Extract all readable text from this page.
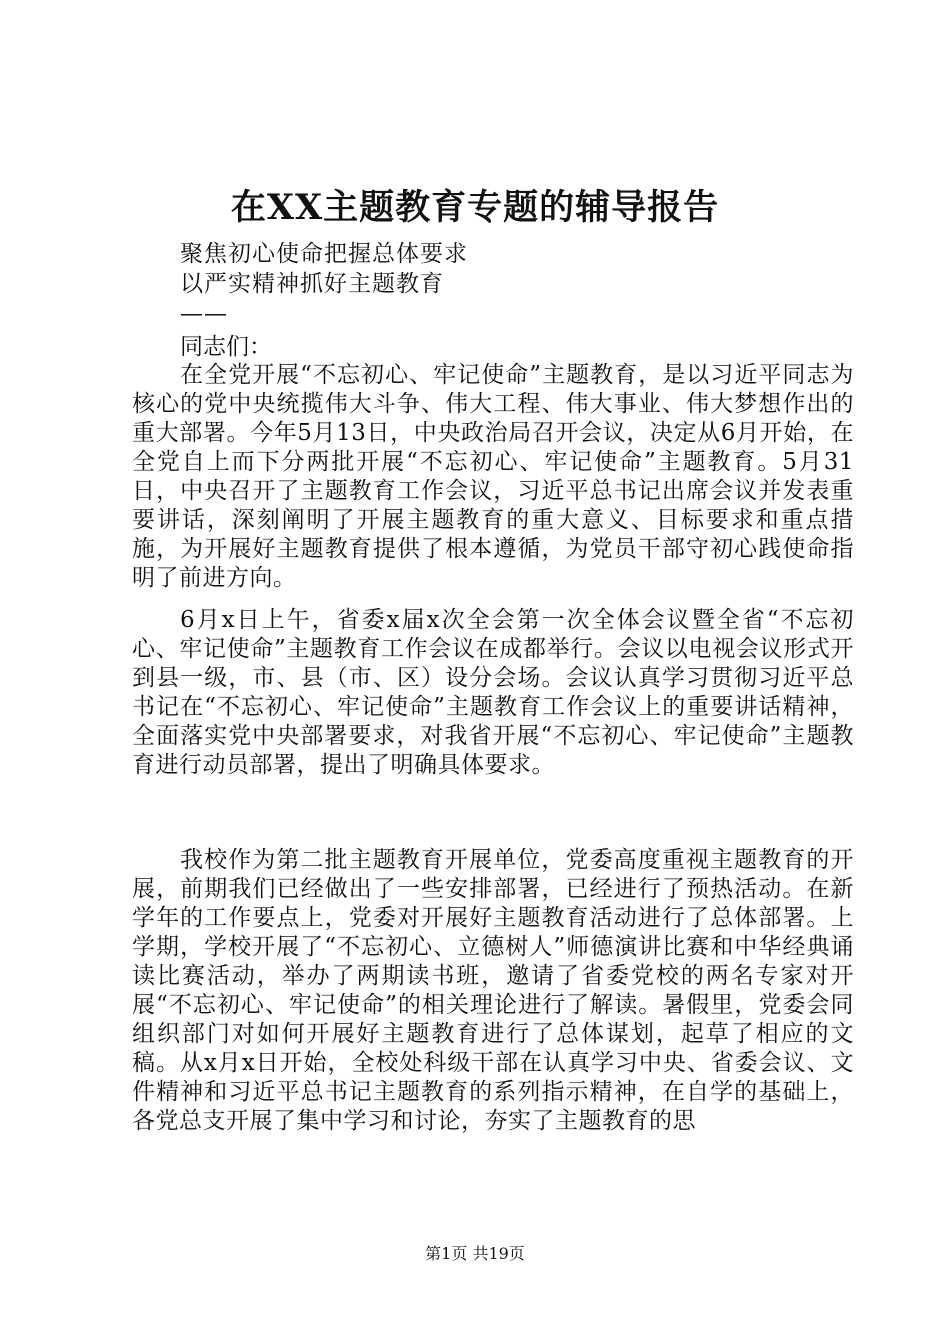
在XX主题教育专题的辅导报告
聚焦初心使命把握总体要求
以严实精神抓好主题教育
——
同志们：

在全党开展“不忘初心、牢记使命”主题教育，是以习近平同志为核心的党中央统揽伟大斗争、伟大工程、伟大事业、伟大梦想作出的重大部署。今年5月13日，中央政治局召开会议，决定从6月开始，在全党自上而下分两批开展“不忘初心、牢记使命”主题教育。5月31日，中央召开了主题教育工作会议，习近平总书记出席会议并发表重要讲话，深刻阐明了开展主题教育的重大意义、目标要求和重点措施，为开展好主题教育提供了根本遵循，为党员干部守初心践使命指明了前进方向。

6月x日上午，省委x届x次全会第一次全体会议暨全省“不忘初心、牢记使命”主题教育工作会议在成都举行。会议以电视会议形式开到县一级，市、县（市、区）设分会场。会议认真学习贯彻习近平总书记在“不忘初心、牢记使命”主题教育工作会议上的重要讲话精神，全面落实党中央部署要求，对我省开展“不忘初心、牢记使命”主题教育进行动员部署，提出了明确具体要求。

我校作为第二批主题教育开展单位，党委高度重视主题教育的开展，前期我们已经做出了一些安排部署，已经进行了预热活动。在新学年的工作要点上，党委对开展好主题教育活动进行了总体部署。上学期，学校开展了“不忘初心、立德树人”师德演讲比赛和中华经典诵读比赛活动，举办了两期读书班，邀请了省委党校的两名专家对开展“不忘初心、牢记使命”的相关理论进行了解读。暑假里，党委会同组织部门对如何开展好主题教育进行了总体谋划，起草了相应的文稿。从x月x日开始，全校处科级干部在认真学习中央、省委会议、文件精神和习近平总书记主题教育的系列指示精神，在自学的基础上，各党总支开展了集中学习和讨论，夯实了主题教育的思

第1页 共19页
